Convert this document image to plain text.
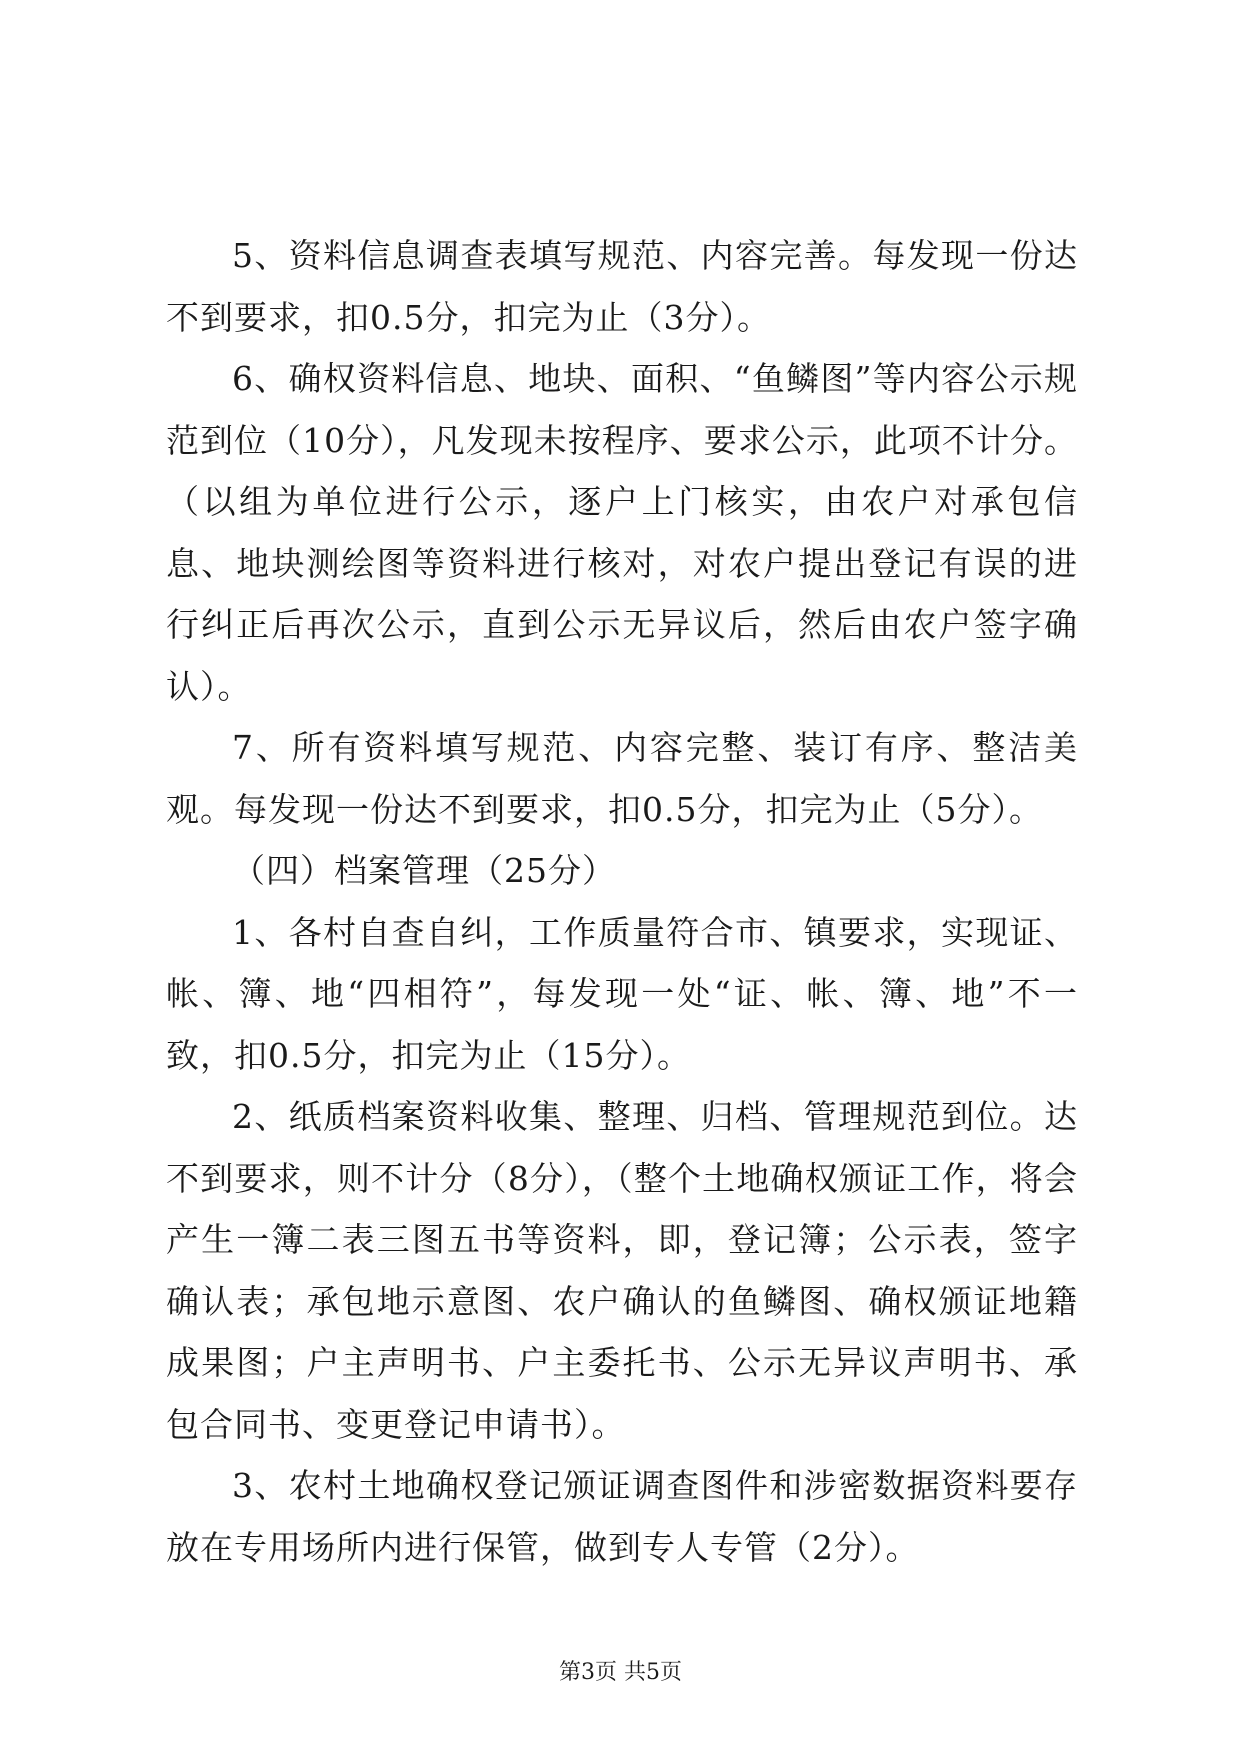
5、资料信息调查表填写规范、内容完善。每发现一份达不到要求，扣0.5分，扣完为止（3分）。

6、确权资料信息、地块、面积、“鱼鳞图”等内容公示规范到位（10分），凡发现未按程序、要求公示，此项不计分。（以组为单位进行公示，逐户上门核实，由农户对承包信息、地块测绘图等资料进行核对，对农户提出登记有误的进行纠正后再次公示，直到公示无异议后，然后由农户签字确认）。

7、所有资料填写规范、内容完整、装订有序、整洁美观。每发现一份达不到要求，扣0.5分，扣完为止（5分）。

（四）档案管理（25分）

1、各村自查自纠，工作质量符合市、镇要求，实现证、帐、簿、地“四相符”，每发现一处“证、帐、簿、地”不一致，扣0.5分，扣完为止（15分）。

2、纸质档案资料收集、整理、归档、管理规范到位。达不到要求，则不计分（8分），（整个土地确权颁证工作，将会产生一簿二表三图五书等资料，即，登记簿；公示表，签字确认表；承包地示意图、农户确认的鱼鳞图、确权颁证地籍成果图；户主声明书、户主委托书、公示无异议声明书、承包合同书、变更登记申请书）。

3、农村土地确权登记颁证调查图件和涉密数据资料要存放在专用场所内进行保管，做到专人专管（2分）。

第3页 共5页
